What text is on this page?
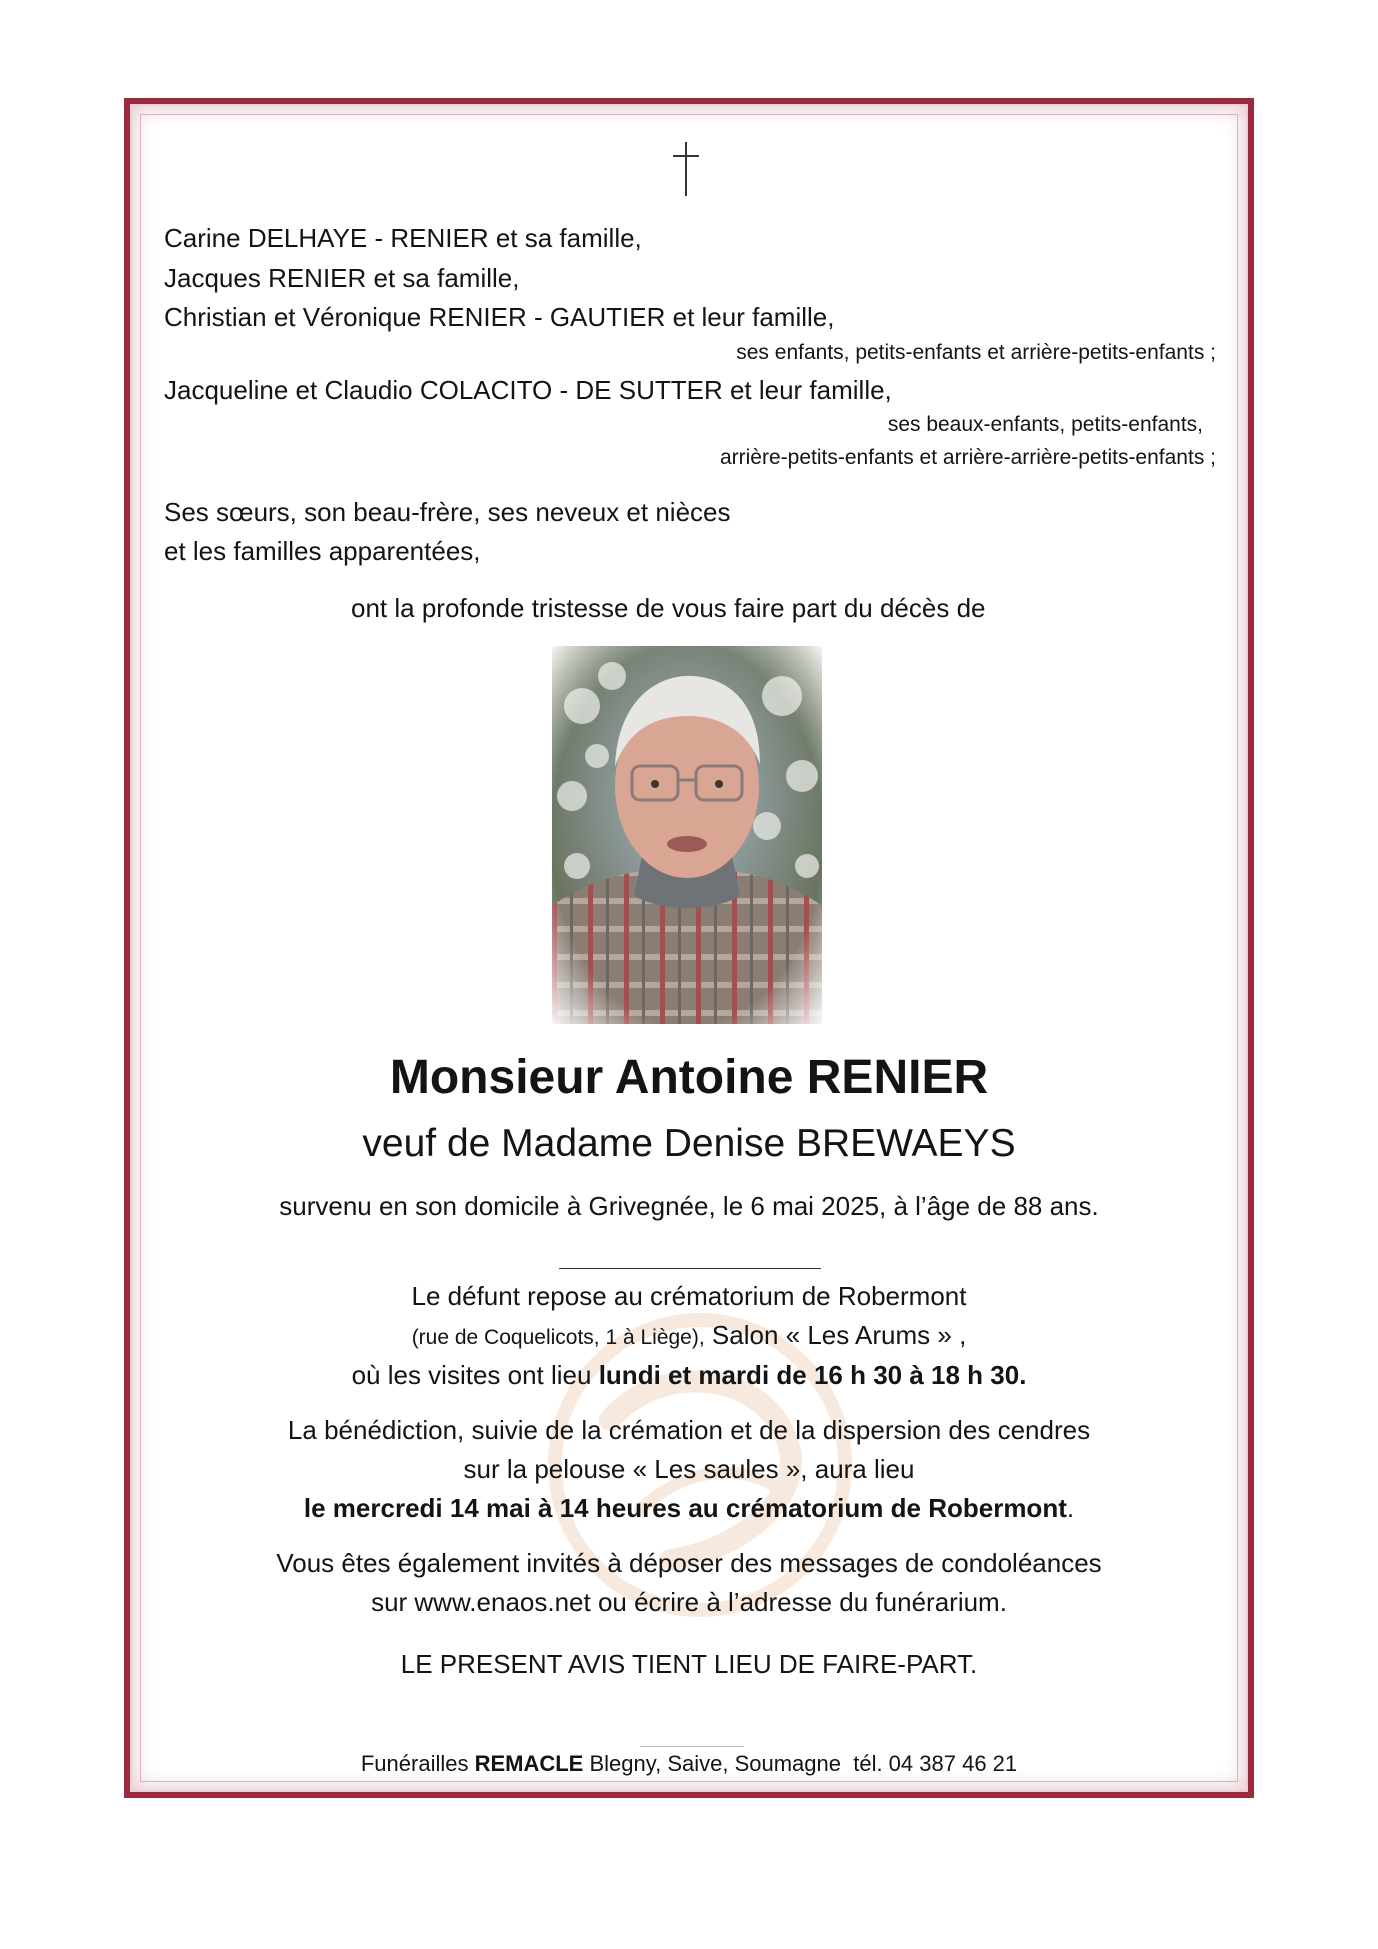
Carine DELHAYE - RENIER et sa famille,
Jacques RENIER et sa famille,
Christian et Véronique RENIER - GAUTIER et leur famille,
ses enfants, petits-enfants et arrière-petits-enfants ;
Jacqueline et Claudio COLACITO - DE SUTTER et leur famille,
ses beaux-enfants, petits-enfants,
arrière-petits-enfants et arrière-arrière-petits-enfants ;
Ses sœurs, son beau-frère, ses neveux et nièces
et les familles apparentées,
ont la profonde tristesse de vous faire part du décès de
Monsieur Antoine RENIER
veuf de Madame Denise BREWAEYS
survenu en son domicile à Grivegnée, le 6 mai 2025, à l’âge de 88 ans.
Le défunt repose au crématorium de Robermont
(rue de Coquelicots, 1 à Liège), Salon « Les Arums » ,
où les visites ont lieu lundi et mardi de 16 h 30 à 18 h 30.
La bénédiction, suivie de la crémation et de la dispersion des cendres
sur la pelouse « Les saules », aura lieu
le mercredi 14 mai à 14 heures au crématorium de Robermont.
Vous êtes également invités à déposer des messages de condoléances
sur www.enaos.net ou écrire à l’adresse du funérarium.
LE PRESENT AVIS TIENT LIEU DE FAIRE-PART.
Funérailles REMACLE Blegny, Saive, Soumagne  tél. 04 387 46 21
